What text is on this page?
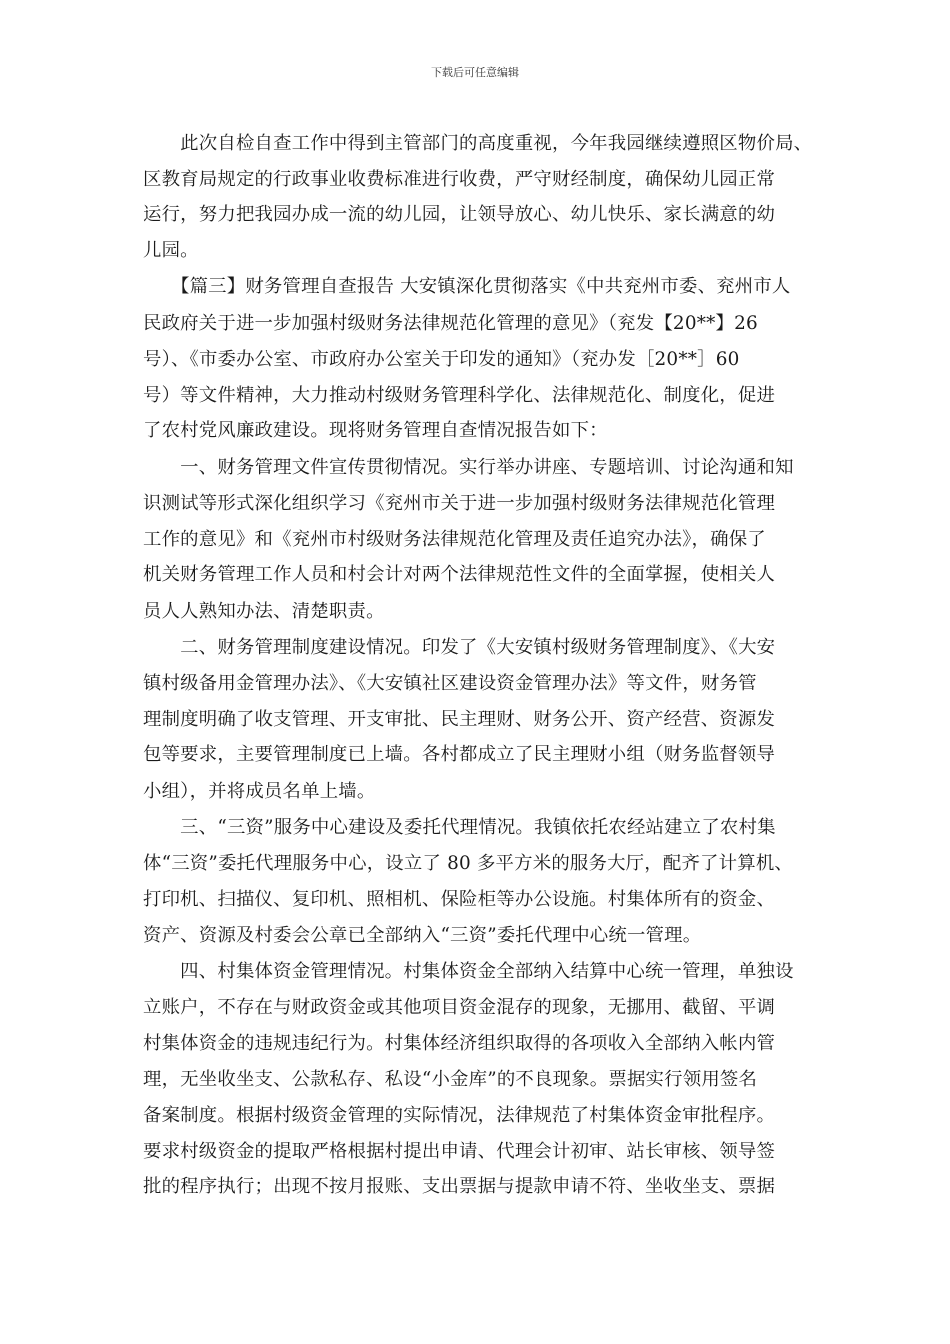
下载后可任意编辑
　　此次自检自查工作中得到主管部门的高度重视，今年我园继续遵照区物价局、
区教育局规定的行政事业收费标准进行收费，严守财经制度，确保幼儿园正常
运行，努力把我园办成一流的幼儿园，让领导放心、幼儿快乐、家长满意的幼
儿园。
　　【篇三】财务管理自查报告 大安镇深化贯彻落实《中共兖州市委、兖州市人
民政府关于进一步加强村级财务法律规范化管理的意见》（兖发【20**】26
号）、《市委办公室、市政府办公室关于印发的通知》（兖办发［20**］60
号）等文件精神，大力推动村级财务管理科学化、法律规范化、制度化，促进
了农村党风廉政建设。现将财务管理自查情况报告如下：
　　一、财务管理文件宣传贯彻情况。实行举办讲座、专题培训、讨论沟通和知
识测试等形式深化组织学习《兖州市关于进一步加强村级财务法律规范化管理
工作的意见》和《兖州市村级财务法律规范化管理及责任追究办法》，确保了
机关财务管理工作人员和村会计对两个法律规范性文件的全面掌握，使相关人
员人人熟知办法、清楚职责。
　　二、财务管理制度建设情况。印发了《大安镇村级财务管理制度》、《大安
镇村级备用金管理办法》、《大安镇社区建设资金管理办法》等文件，财务管
理制度明确了收支管理、开支审批、民主理财、财务公开、资产经营、资源发
包等要求，主要管理制度已上墙。各村都成立了民主理财小组（财务监督领导
小组），并将成员名单上墙。
　　三、“三资”服务中心建设及委托代理情况。我镇依托农经站建立了农村集
体“三资”委托代理服务中心，设立了 80 多平方米的服务大厅，配齐了计算机、
打印机、扫描仪、复印机、照相机、保险柜等办公设施。村集体所有的资金、
资产、资源及村委会公章已全部纳入“三资”委托代理中心统一管理。
　　四、村集体资金管理情况。村集体资金全部纳入结算中心统一管理，单独设
立账户，不存在与财政资金或其他项目资金混存的现象，无挪用、截留、平调
村集体资金的违规违纪行为。村集体经济组织取得的各项收入全部纳入帐内管
理，无坐收坐支、公款私存、私设“小金库”的不良现象。票据实行领用签名
备案制度。根据村级资金管理的实际情况，法律规范了村集体资金审批程序。
要求村级资金的提取严格根据村提出申请、代理会计初审、站长审核、领导签
批的程序执行；出现不按月报账、支出票据与提款申请不符、坐收坐支、票据
